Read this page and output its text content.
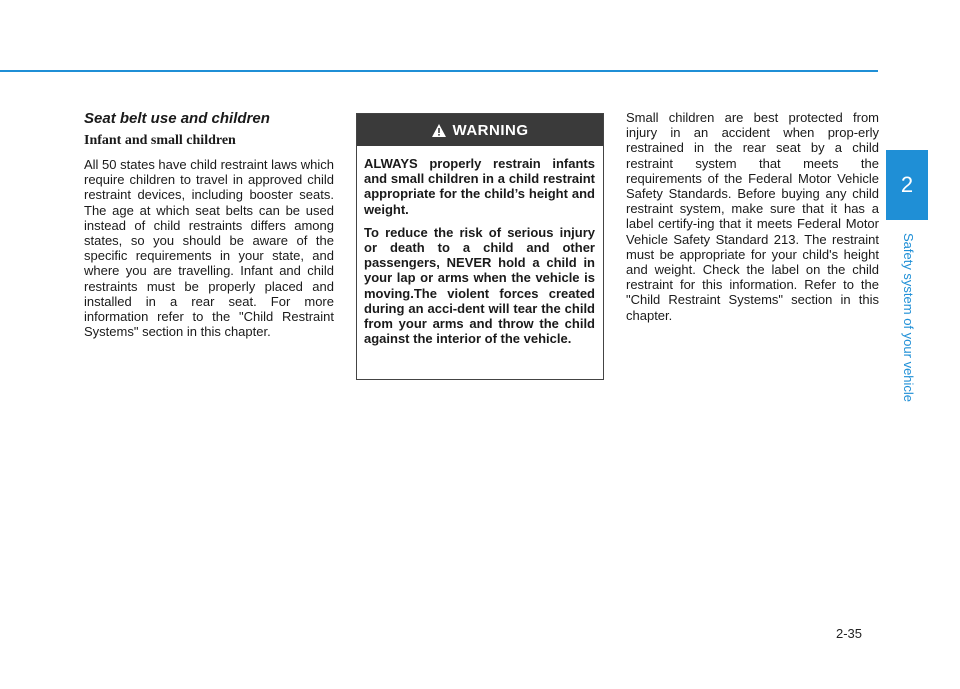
Seat belt use and children
Infant and small children

All 50 states have child restraint laws which require children to travel in approved child restraint devices, including booster seats. The age at which seat belts can be used instead of child restraints differs among states, so you should be aware of the specific requirements in your state, and where you are travelling. Infant and child restraints must be properly placed and installed in a rear seat. For more information refer to the "Child Restraint Systems" section in this chapter.

WARNING

ALWAYS properly restrain infants and small children in a child restraint appropriate for the child’s height and weight.

To reduce the risk of serious injury or death to a child and other passengers, NEVER hold a child in your lap or arms when the vehicle is moving.The violent forces created during an acci-dent will tear the child from your arms and throw the child against the interior of the vehicle.

Small children are best protected from injury in an accident when prop-erly restrained in the rear seat by a child restraint system that meets the requirements of the Federal Motor Vehicle Safety Standards. Before buying any child restraint system, make sure that it has a label certify-ing that it meets Federal Motor Vehicle Safety Standard 213. The restraint must be appropriate for your child's height and weight. Check the label on the child restraint for this information. Refer to the "Child Restraint Systems" section in this chapter.

2
Safety system of your vehicle
2-35
